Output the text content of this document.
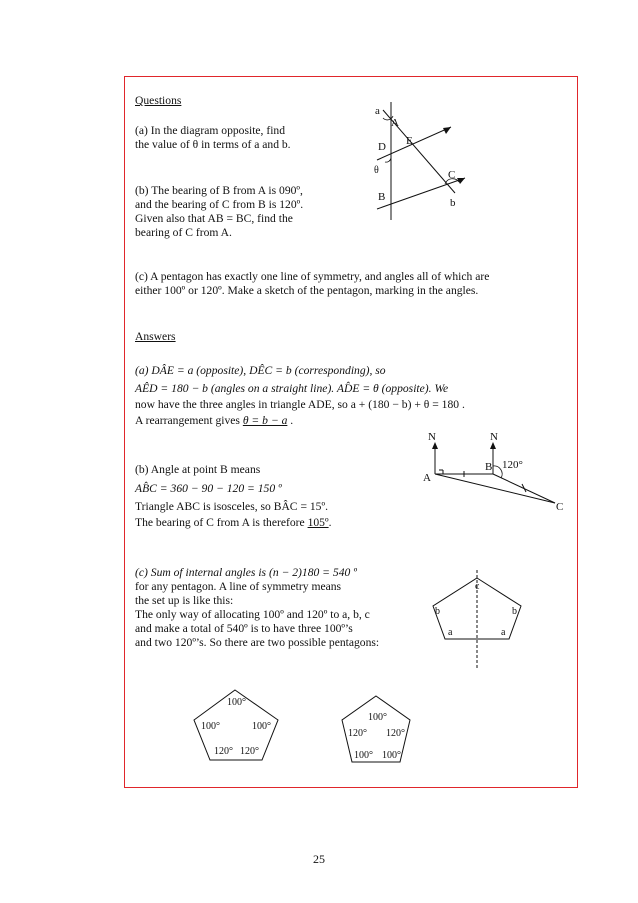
Questions
(a) In the diagram opposite, find
the value of θ in terms of a and b.
(b) The bearing of B from A is 090º,
and the bearing of C from B is 120º.
Given also that AB = BC, find the
bearing of C from A.
(c) A pentagon has exactly one line of symmetry, and angles all of which are
either 100º or 120º. Make a sketch of the pentagon, marking in the angles.
a
A
E
D
θ	C
B	b
Answers
(a) DÂE = a (opposite), DÊC = b (corresponding), so
AÊD = 180 − b (angles on a straight line). AD̂E = θ (opposite). We
now have the three angles in triangle ADE, so a + (180 − b) + θ = 180 .
A rearrangement gives θ = b − a .
(b) Angle at point B means
AB̂C = 360 − 90 − 120 = 150 º
Triangle ABC is isosceles, so BÂC = 15º.
The bearing of C from A is therefore 105º.
N	N
A
B 120°
C
(c) Sum of internal angles is (n − 2)180 = 540 º
for any pentagon. A line of symmetry means
the set up is like this:
The only way of allocating 100º and 120º to a, b, c
and make a total of 540º is to have three 100º’s
and two 120º’s. So there are two possible pentagons:
c
b	b
a	a
100°
100°	100°
120° 120°
100°
120° 120°
100° 100°
25
